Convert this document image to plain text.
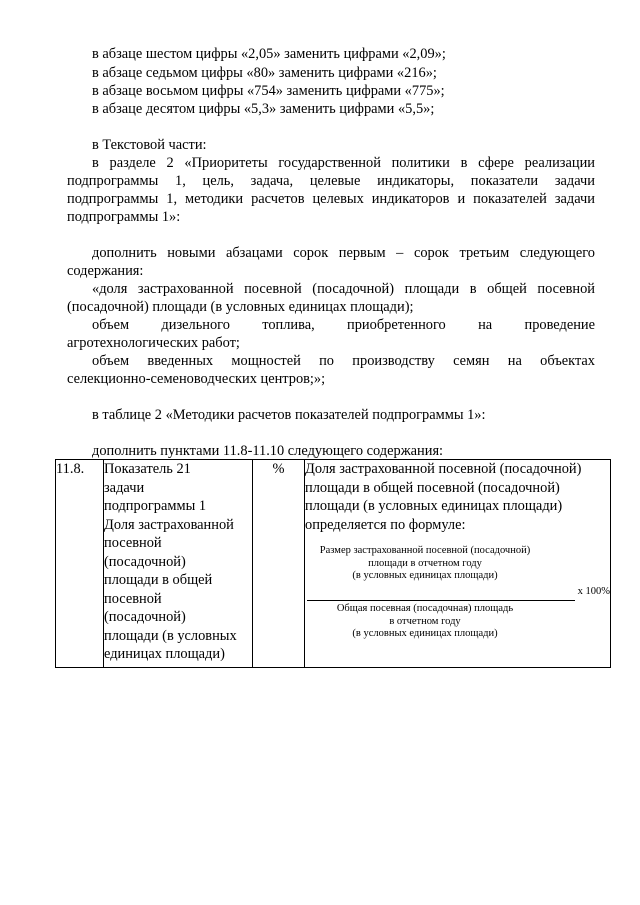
в абзаце шестом цифры «2,05» заменить цифрами «2,09»;
в абзаце седьмом цифры «80» заменить цифрами «216»;
в абзаце восьмом цифры «754» заменить цифрами «775»;
в абзаце десятом цифры «5,3» заменить цифрами «5,5»;
в Текстовой части:
в разделе 2 «Приоритеты государственной политики в сфере реализации
подпрограммы 1, цель, задача, целевые индикаторы, показатели задачи
подпрограммы 1, методики расчетов целевых индикаторов и показателей задачи
подпрограммы 1»:
дополнить новыми абзацами сорок первым – сорок третьим следующего
содержания:
«доля застрахованной посевной (посадочной) площади в общей посевной
(посадочной) площади (в условных единицах площади);
объем дизельного топлива, приобретенного на проведение
агротехнологических работ;
объем введенных мощностей по производству семян на объектах
селекционно-семеноводческих центров;»;
в таблице 2 «Методики расчетов показателей подпрограммы 1»:
дополнить пунктами 11.8-11.10 следующего содержания:
11.8.	Показатель 21
задачи
подпрограммы 1
Доля застрахованной
посевной
(посадочной)
площади в общей
посевной
(посадочной)
площади (в условных
единицах площади)
	%	Доля застрахованной посевной (посадочной)
площади в общей посевной (посадочной)
площади (в условных единицах площади)
определяется по формуле:
Размер застрахованной посевной (посадочной)
площади в отчетном году
(в условных единицах площади)
х 100%
Общая посевная (посадочная) площадь
в отчетном году
(в условных единицах площади)
